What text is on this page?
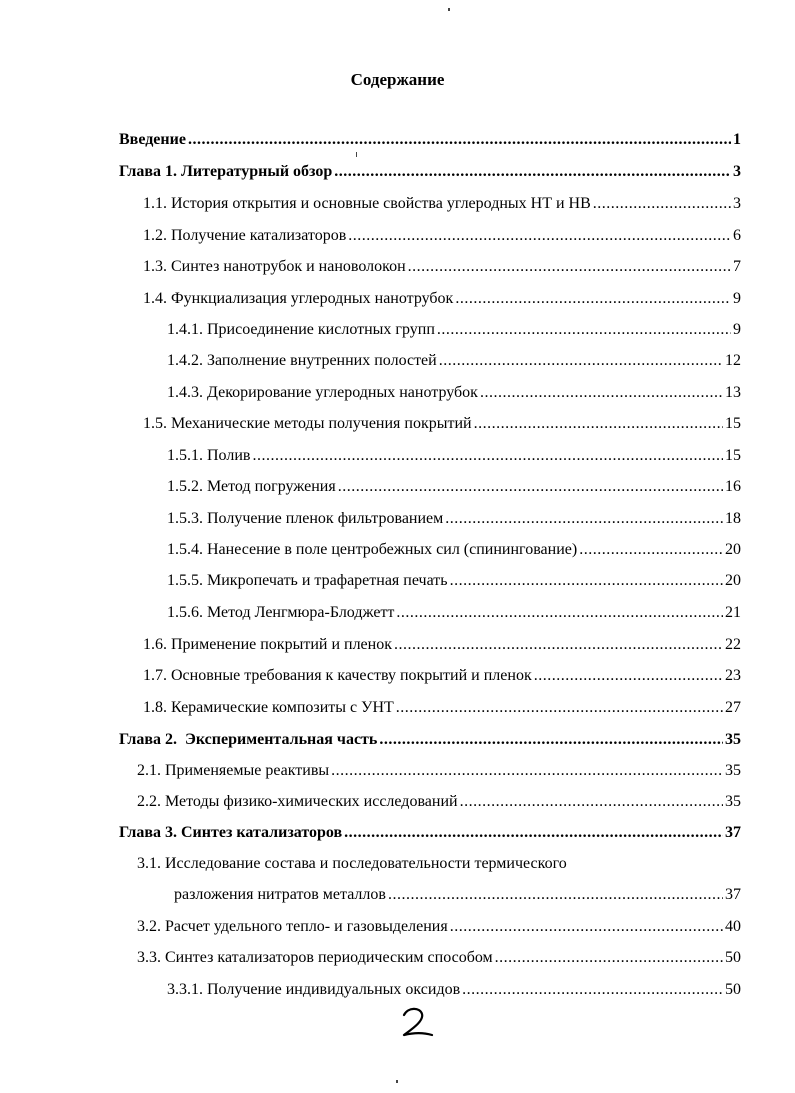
Содержание
Введение .....	1
Глава 1. Литературный обзор .....	3
1.1. История открытия и основные свойства углеродных НТ и НВ .....	3
1.2. Получение катализаторов .....	6
1.3. Синтез нанотрубок и нановолокон .....	7
1.4. Функциализация углеродных нанотрубок .....	9
1.4.1. Присоединение кислотных групп .....	9
1.4.2. Заполнение внутренних полостей .....	12
1.4.3. Декорирование углеродных нанотрубок .....	13
1.5. Механические методы получения покрытий .....	15
1.5.1. Полив .....	15
1.5.2. Метод погружения .....	16
1.5.3. Получение пленок фильтрованием .....	18
1.5.4. Нанесение в поле центробежных сил (спинингование) .....	20
1.5.5. Микропечать и трафаретная печать .....	20
1.5.6. Метод Ленгмюра-Блоджетт .....	21
1.6. Применение покрытий и пленок .....	22
1.7. Основные требования к качеству покрытий и пленок .....	23
1.8. Керамические композиты с УНТ .....	27
Глава 2.  Экспериментальная часть .....	35
2.1. Применяемые реактивы .....	35
2.2. Методы физико-химических исследований .....	35
Глава 3. Синтез катализаторов .....	37
3.1. Исследование состава и последовательности термического
разложения нитратов металлов .....	37
3.2. Расчет удельного тепло- и газовыделения .....	40
3.3. Синтез катализаторов периодическим способом .....	50
3.3.1. Получение индивидуальных оксидов .....	50
